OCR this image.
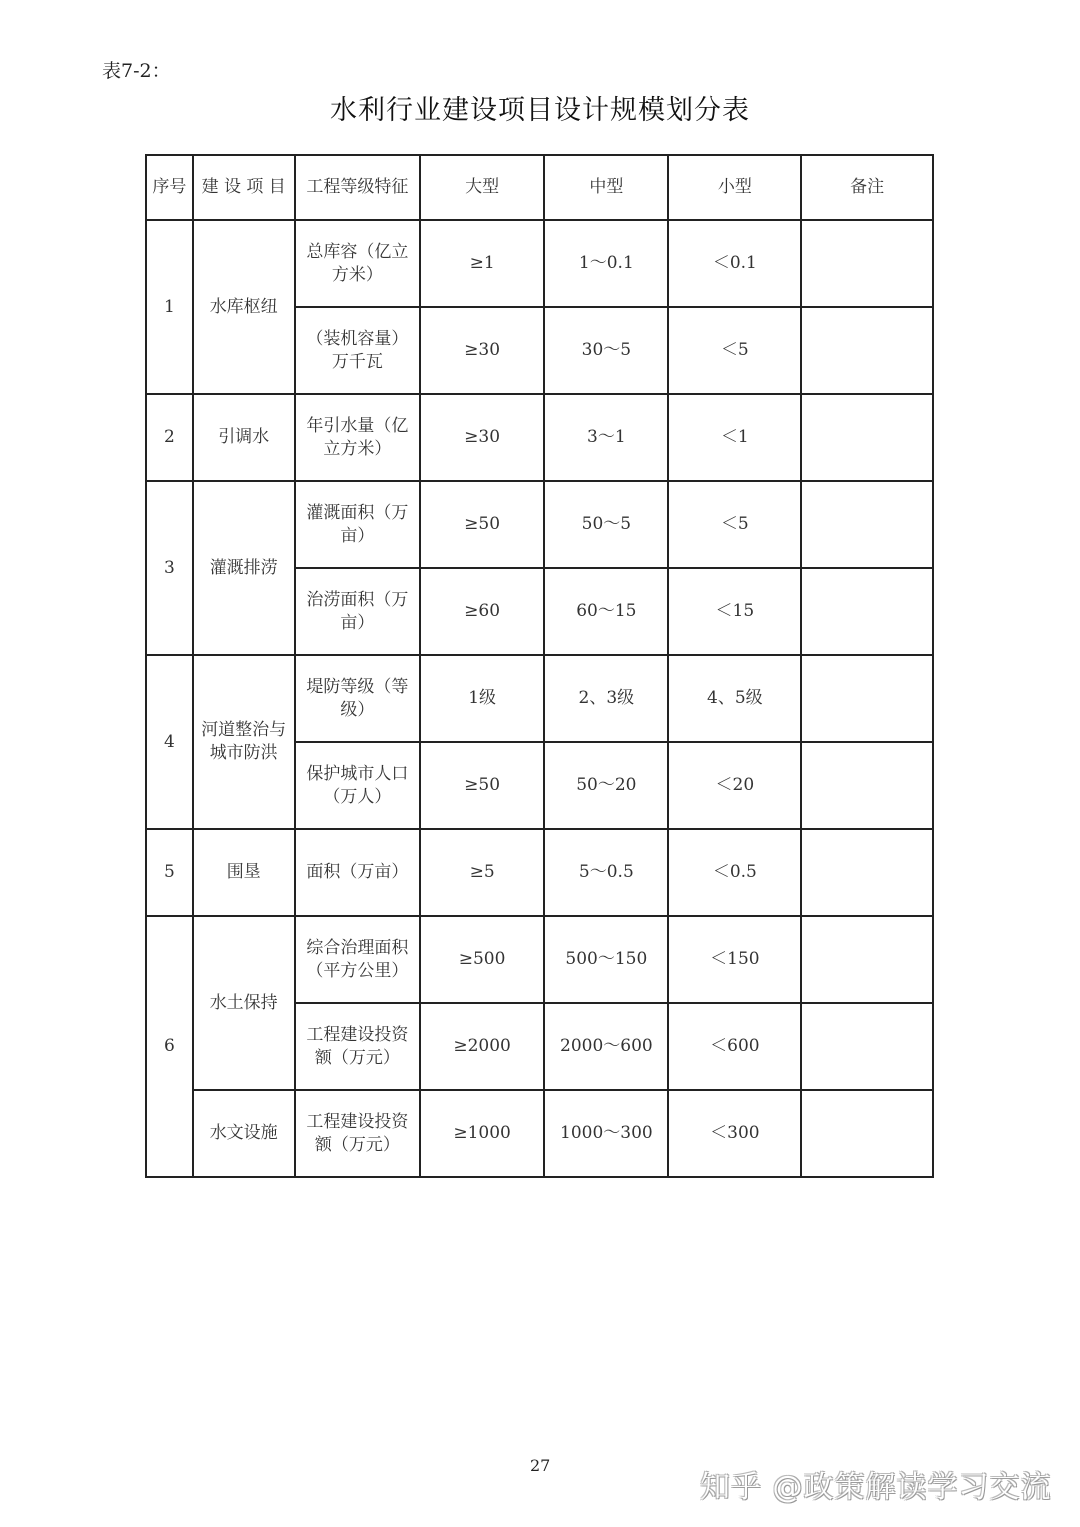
表7-2：
水利行业建设项目设计规模划分表
序号	建 设 项 目	工程等级特征	大型	中型	小型	备注
1	水库枢纽	总库容（亿立方米）	≥1	1～0.1	＜0.1	
		（装机容量）万千瓦	≥30	30～5	＜5	
2	引调水	年引水量（亿立方米）	≥30	3～1	＜1	
3	灌溉排涝	灌溉面积（万亩）	≥50	50～5	＜5	
		治涝面积（万亩）	≥60	60～15	＜15	
4	河道整治与城市防洪	堤防等级（等级）	1级	2、3级	4、5级	
		保护城市人口（万人）	≥50	50～20	＜20	
5	围垦	面积（万亩）	≥5	5～0.5	＜0.5	
6	水土保持	综合治理面积（平方公里）	≥500	500～150	＜150	
		工程建设投资额（万元）	≥2000	2000～600	＜600	
	水文设施	工程建设投资额（万元）	≥1000	1000～300	＜300	
27
知乎 @政策解读学习交流
